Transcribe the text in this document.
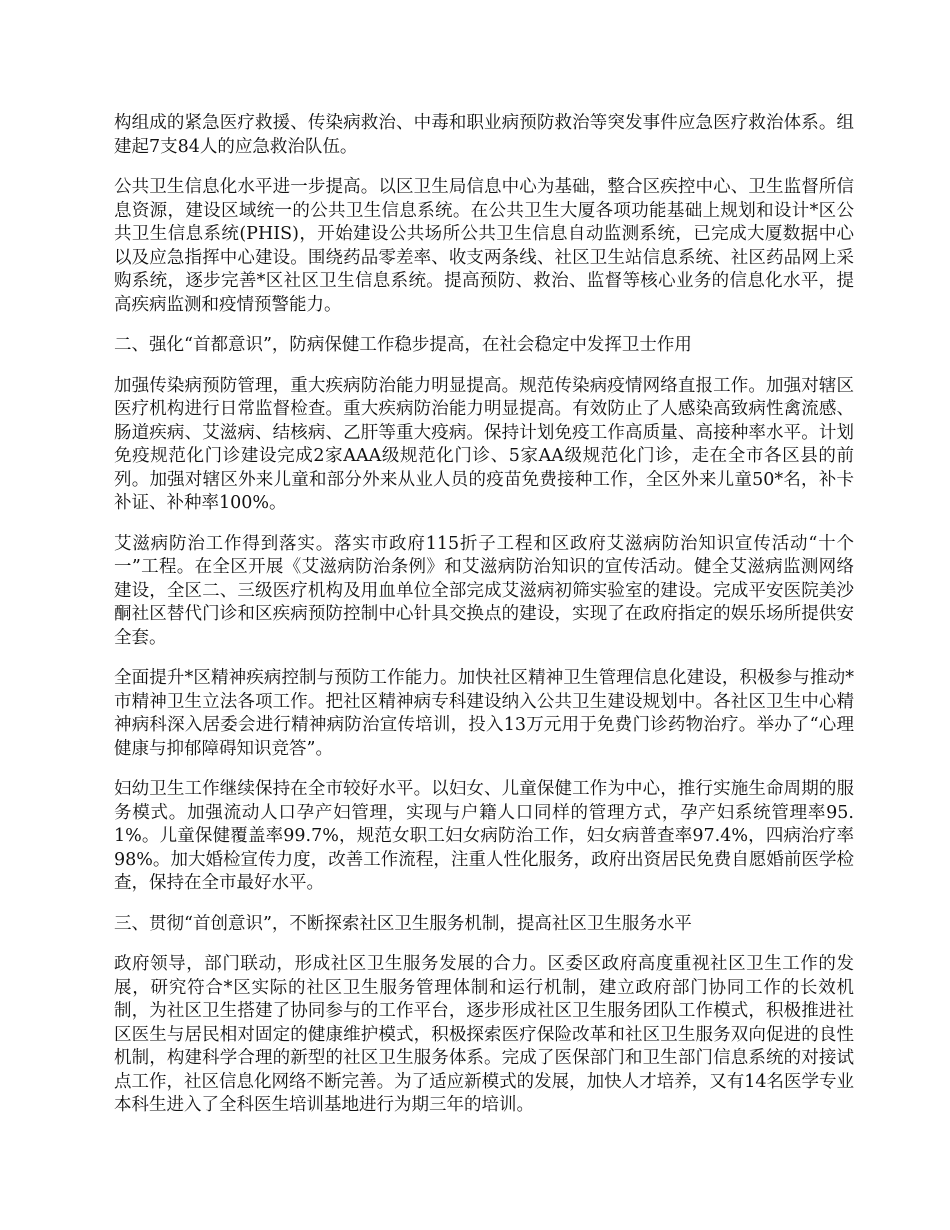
构组成的紧急医疗救援、传染病救治、中毒和职业病预防救治等突发事件应急医疗救治体系。组建起7支84人的应急救治队伍。

公共卫生信息化水平进一步提高。以区卫生局信息中心为基础，整合区疾控中心、卫生监督所信息资源，建设区域统一的公共卫生信息系统。在公共卫生大厦各项功能基础上规划和设计*区公共卫生信息系统(PHIS)，开始建设公共场所公共卫生信息自动监测系统，已完成大厦数据中心以及应急指挥中心建设。围绕药品零差率、收支两条线、社区卫生站信息系统、社区药品网上采购系统，逐步完善*区社区卫生信息系统。提高预防、救治、监督等核心业务的信息化水平，提高疾病监测和疫情预警能力。

二、强化“首都意识”，防病保健工作稳步提高，在社会稳定中发挥卫士作用

加强传染病预防管理，重大疾病防治能力明显提高。规范传染病疫情网络直报工作。加强对辖区医疗机构进行日常监督检查。重大疾病防治能力明显提高。有效防止了人感染高致病性禽流感、肠道疾病、艾滋病、结核病、乙肝等重大疫病。保持计划免疫工作高质量、高接种率水平。计划免疫规范化门诊建设完成2家AAA级规范化门诊、5家AA级规范化门诊，走在全市各区县的前列。加强对辖区外来儿童和部分外来从业人员的疫苗免费接种工作，全区外来儿童50*名，补卡补证、补种率100%。

艾滋病防治工作得到落实。落实市政府115折子工程和区政府艾滋病防治知识宣传活动“十个一”工程。在全区开展《艾滋病防治条例》和艾滋病防治知识的宣传活动。健全艾滋病监测网络建设，全区二、三级医疗机构及用血单位全部完成艾滋病初筛实验室的建设。完成平安医院美沙酮社区替代门诊和区疾病预防控制中心针具交换点的建设，实现了在政府指定的娱乐场所提供安全套。

全面提升*区精神疾病控制与预防工作能力。加快社区精神卫生管理信息化建设，积极参与推动*市精神卫生立法各项工作。把社区精神病专科建设纳入公共卫生建设规划中。各社区卫生中心精神病科深入居委会进行精神病防治宣传培训，投入13万元用于免费门诊药物治疗。举办了“心理健康与抑郁障碍知识竞答”。

妇幼卫生工作继续保持在全市较好水平。以妇女、儿童保健工作为中心，推行实施生命周期的服务模式。加强流动人口孕产妇管理，实现与户籍人口同样的管理方式，孕产妇系统管理率95.1%。儿童保健覆盖率99.7%，规范女职工妇女病防治工作，妇女病普查率97.4%，四病治疗率98%。加大婚检宣传力度，改善工作流程，注重人性化服务，政府出资居民免费自愿婚前医学检查，保持在全市最好水平。

三、贯彻“首创意识”，不断探索社区卫生服务机制，提高社区卫生服务水平

政府领导，部门联动，形成社区卫生服务发展的合力。区委区政府高度重视社区卫生工作的发展，研究符合*区实际的社区卫生服务管理体制和运行机制，建立政府部门协同工作的长效机制，为社区卫生搭建了协同参与的工作平台，逐步形成社区卫生服务团队工作模式，积极推进社区医生与居民相对固定的健康维护模式，积极探索医疗保险改革和社区卫生服务双向促进的良性机制，构建科学合理的新型的社区卫生服务体系。完成了医保部门和卫生部门信息系统的对接试点工作，社区信息化网络不断完善。为了适应新模式的发展，加快人才培养，又有14名医学专业本科生进入了全科医生培训基地进行为期三年的培训。
